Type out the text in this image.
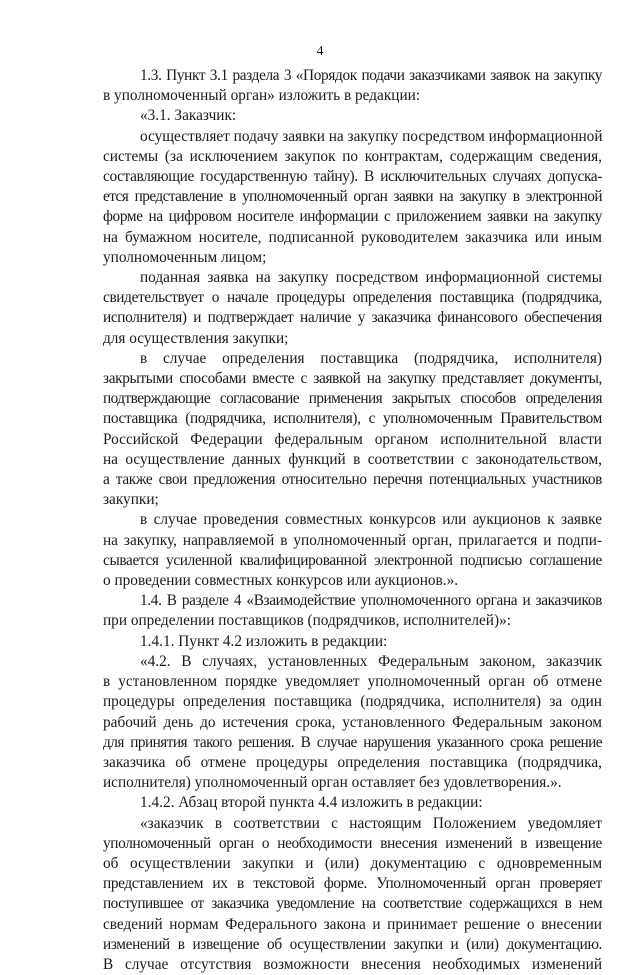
4
1.3. Пункт 3.1 раздела 3 «Порядок подачи заказчиками заявок на закупку
в уполномоченный орган» изложить в редакции:
«3.1. Заказчик:
осуществляет подачу заявки на закупку посредством информационной
системы (за исключением закупок по контрактам, содержащим сведения,
составляющие государственную тайну). В исключительных случаях допуска-
ется представление в уполномоченный орган заявки на закупку в электронной
форме на цифровом носителе информации с приложением заявки на закупку
на бумажном носителе, подписанной руководителем заказчика или иным
уполномоченным лицом;
поданная заявка на закупку посредством информационной системы
свидетельствует о начале процедуры определения поставщика (подрядчика,
исполнителя) и подтверждает наличие у заказчика финансового обеспечения
для осуществления закупки;
в случае определения поставщика (подрядчика, исполнителя)
закрытыми способами вместе с заявкой на закупку представляет документы,
подтверждающие согласование применения закрытых способов определения
поставщика (подрядчика, исполнителя), с уполномоченным Правительством
Российской Федерации федеральным органом исполнительной власти
на осуществление данных функций в соответствии с законодательством,
а также свои предложения относительно перечня потенциальных участников
закупки;
в случае проведения совместных конкурсов или аукционов к заявке
на закупку, направляемой в уполномоченный орган, прилагается и подпи-
сывается усиленной квалифицированной электронной подписью соглашение
о проведении совместных конкурсов или аукционов.».
1.4. В разделе 4 «Взаимодействие уполномоченного органа и заказчиков
при определении поставщиков (подрядчиков, исполнителей)»:
1.4.1. Пункт 4.2 изложить в редакции:
«4.2. В случаях, установленных Федеральным законом, заказчик
в установленном порядке уведомляет уполномоченный орган об отмене
процедуры определения поставщика (подрядчика, исполнителя) за один
рабочий день до истечения срока, установленного Федеральным законом
для принятия такого решения. В случае нарушения указанного срока решение
заказчика об отмене процедуры определения поставщика (подрядчика,
исполнителя) уполномоченный орган оставляет без удовлетворения.».
1.4.2. Абзац второй пункта 4.4 изложить в редакции:
«заказчик в соответствии с настоящим Положением уведомляет
уполномоченный орган о необходимости внесения изменений в извещение
об осуществлении закупки и (или) документацию с одновременным
представлением их в текстовой форме. Уполномоченный орган проверяет
поступившее от заказчика уведомление на соответствие содержащихся в нем
сведений нормам Федерального закона и принимает решение о внесении
изменений в извещение об осуществлении закупки и (или) документацию.
В случае отсутствия возможности внесения необходимых изменений
